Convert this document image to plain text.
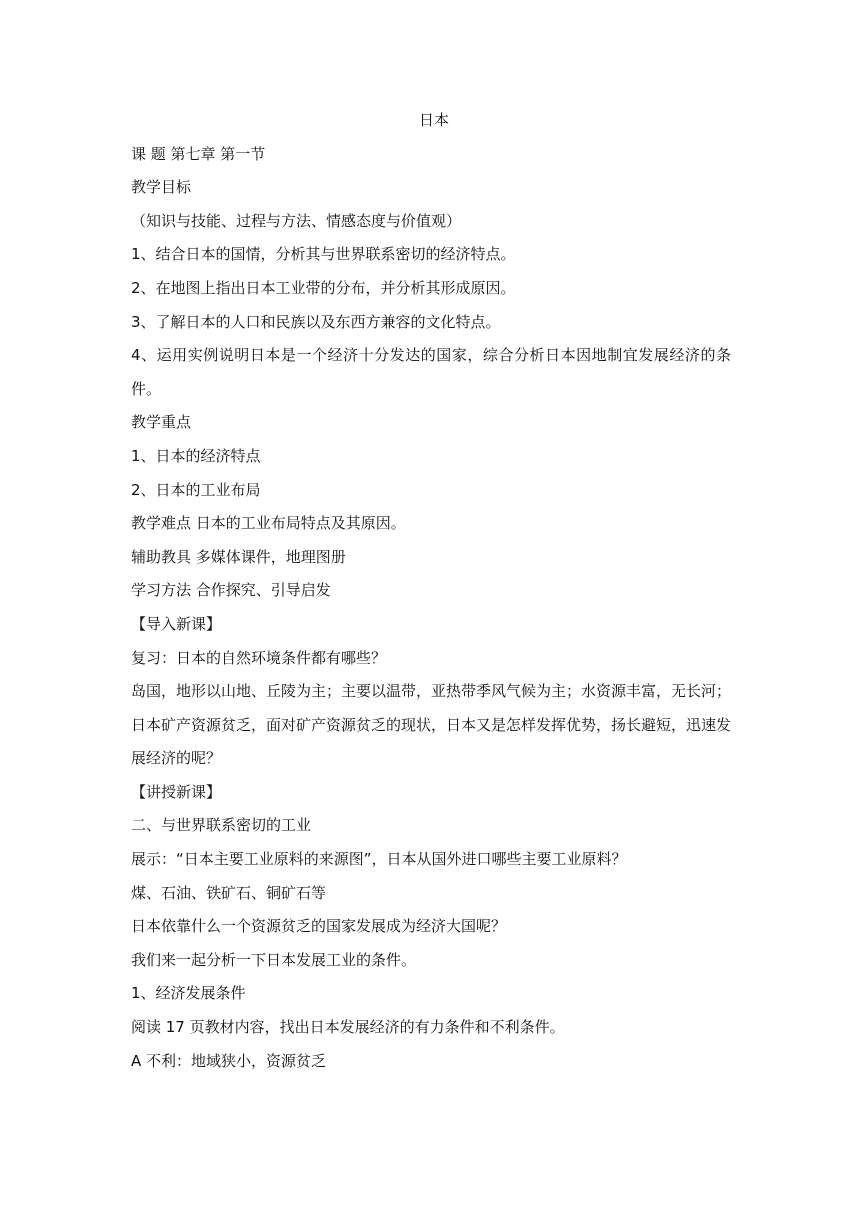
日本

课 题 第七章 第一节

教学目标

（知识与技能、过程与方法、情感态度与价值观）

1、结合日本的国情，分析其与世界联系密切的经济特点。

2、在地图上指出日本工业带的分布，并分析其形成原因。

3、了解日本的人口和民族以及东西方兼容的文化特点。

4、运用实例说明日本是一个经济十分发达的国家，综合分析日本因地制宜发展经济的条件。

教学重点

1、日本的经济特点

2、日本的工业布局

教学难点 日本的工业布局特点及其原因。

辅助教具 多媒体课件，地理图册

学习方法 合作探究、引导启发

【导入新课】

复习：日本的自然环境条件都有哪些？

岛国，地形以山地、丘陵为主；主要以温带，亚热带季风气候为主；水资源丰富，无长河；

日本矿产资源贫乏，面对矿产资源贫乏的现状，日本又是怎样发挥优势，扬长避短，迅速发展经济的呢？

【讲授新课】

二、与世界联系密切的工业

展示：“日本主要工业原料的来源图”，日本从国外进口哪些主要工业原料？

煤、石油、铁矿石、铜矿石等

日本依靠什么一个资源贫乏的国家发展成为经济大国呢？

我们来一起分析一下日本发展工业的条件。

1、经济发展条件

阅读 17 页教材内容，找出日本发展经济的有力条件和不利条件。

A 不利：地域狭小，资源贫乏
